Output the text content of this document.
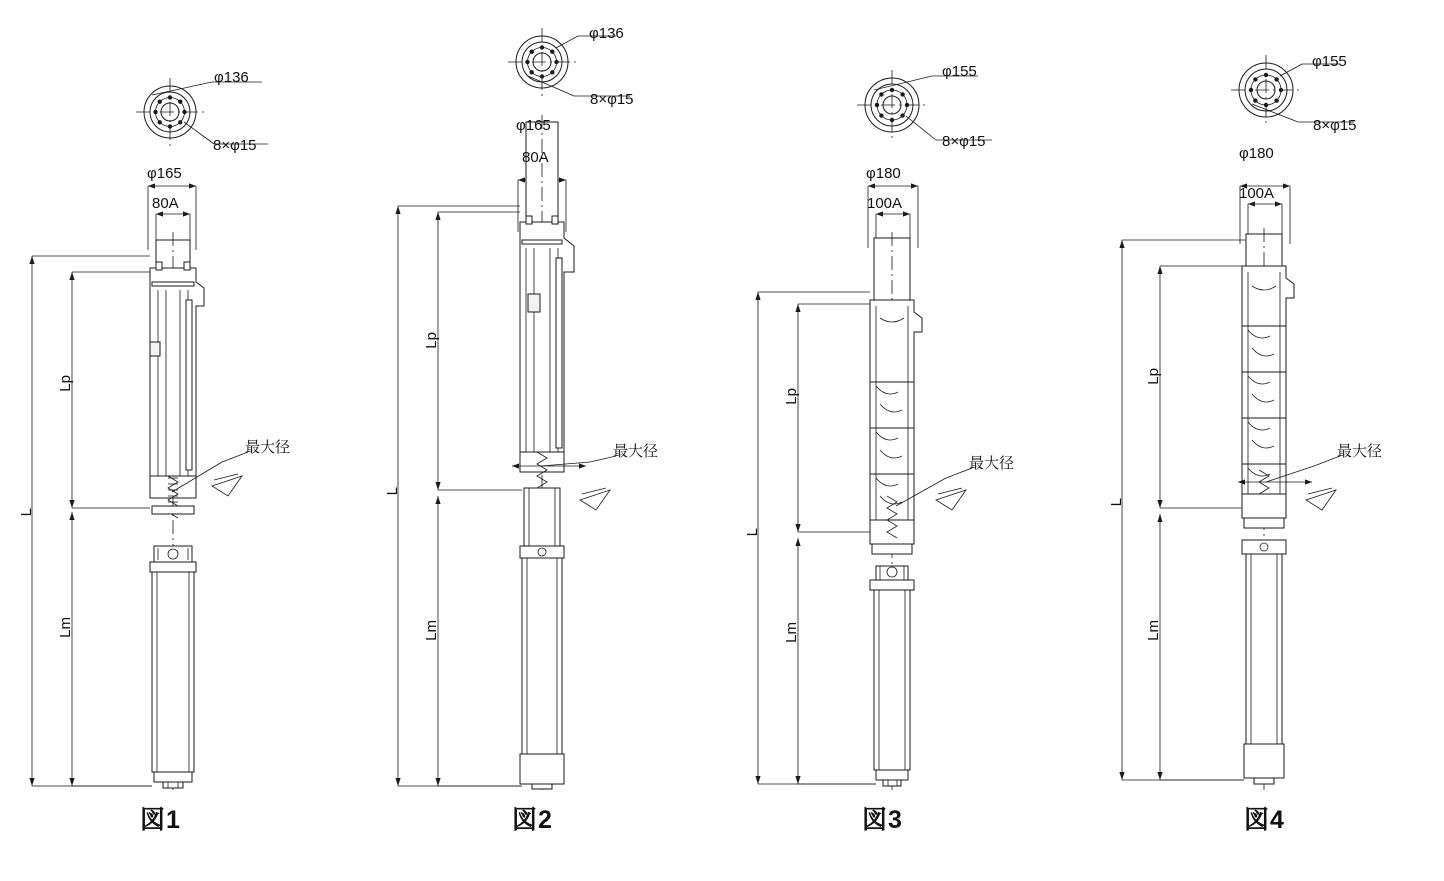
φ136
8×φ15
φ165
80A
最大径
Lp
Lm
L
図1
φ136
8×φ15
φ165
80A
最大径
Lp
Lm
L
図2
φ155
8×φ15
φ180
100A
最大径
Lp
Lm
L
図3
φ155
8×φ15
φ180
100A
最大径
Lp
Lm
L
図4
